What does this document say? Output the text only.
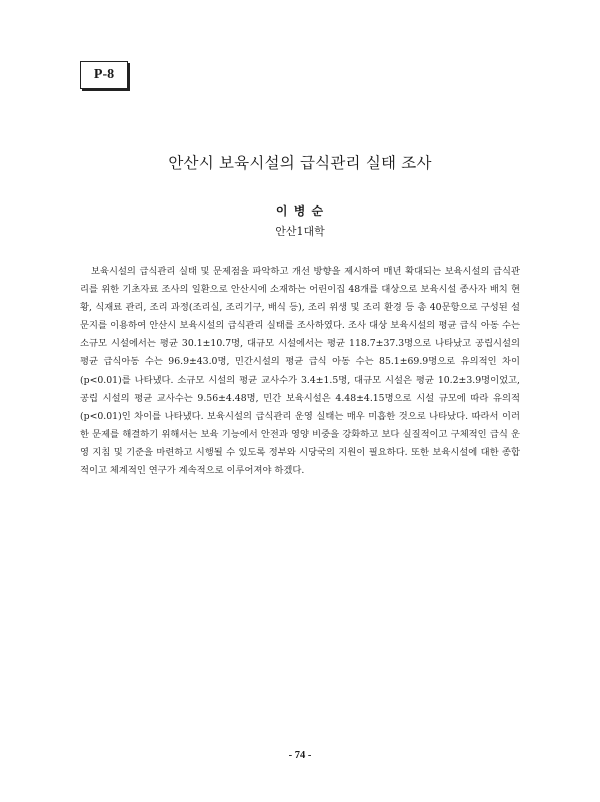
P-8
안산시 보육시설의 급식관리 실태 조사
이 병 순
안산1대학

보육시설의 급식관리 실태 및 문제점을 파악하고 개선 방향을 제시하여 매년 확대되는 보육시설의 급식관리를 위한 기초자료 조사의 일환으로 안산시에 소재하는 어린이집 48개를 대상으로 보육시설 종사자 배치 현황, 식재료 관리, 조리 과정(조리실, 조리기구, 배식 등), 조리 위생 및 조리 환경 등 총 40문항으로 구성된 설문지를 이용하여 안산시 보육시설의 급식관리 실태를 조사하였다. 조사 대상 보육시설의 평균 급식 아동 수는 소규모 시설에서는 평균 30.1±10.7명, 대규모 시설에서는 평균 118.7±37.3명으로 나타났고 공립시설의 평균 급식아동 수는 96.9±43.0명, 민간시설의 평균 급식 아동 수는 85.1±69.9명으로 유의적인 차이(p<0.01)를 나타냈다. 소규모 시설의 평균 교사수가 3.4±1.5명, 대규모 시설은 평균 10.2±3.9명이었고, 공립 시설의 평균 교사수는 9.56±4.48명, 민간 보육시설은 4.48±4.15명으로 시설 규모에 따라 유의적(p<0.01)인 차이를 나타냈다. 보육시설의 급식관리 운영 실태는 매우 미흡한 것으로 나타났다. 따라서 이러한 문제를 해결하기 위해서는 보육 기능에서 안전과 영양 비중을 강화하고 보다 실질적이고 구체적인 급식 운영 지침 및 기준을 마련하고 시행될 수 있도록 정부와 시당국의 지원이 필요하다. 또한 보육시설에 대한 종합적이고 체계적인 연구가 계속적으로 이루어져야 하겠다.

- 74 -
